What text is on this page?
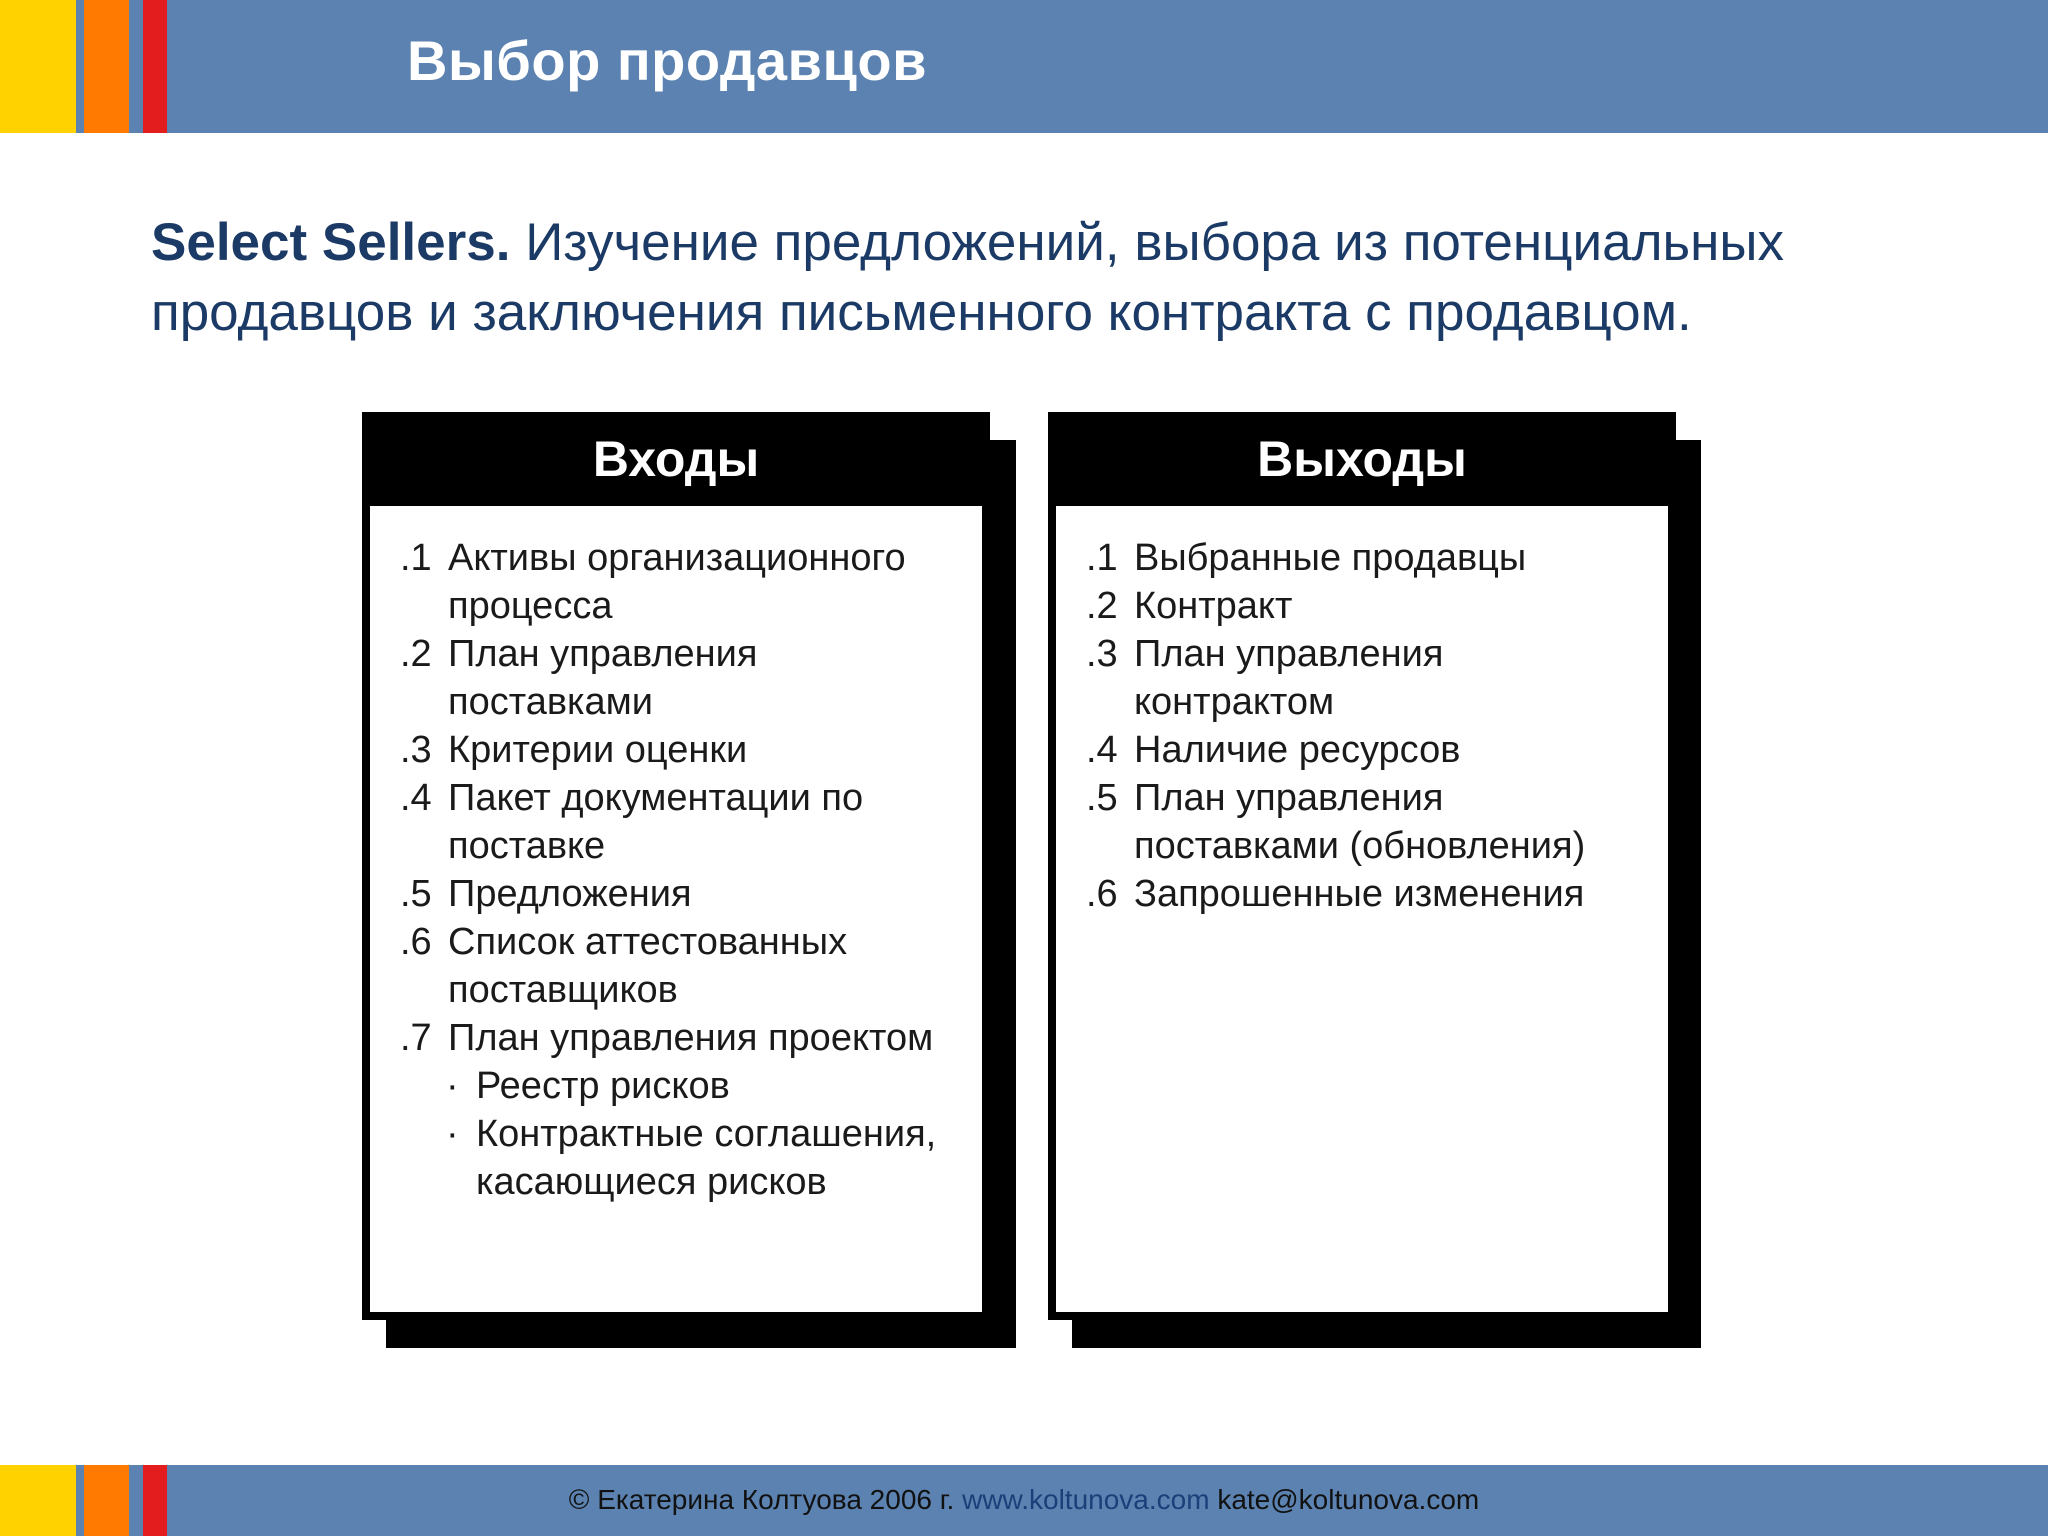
Выбор продавцов

Select Sellers. Изучение предложений, выбора из потенциальных продавцов и заключения письменного контракта с продавцом.

Входы
.1 Активы организационного
процесса
.2 План управления
поставками
.3 Критерии оценки
.4 Пакет документации по
поставке
.5 Предложения
.6 Список аттестованных
поставщиков
.7 План управления проектом
· Реестр рисков
· Контрактные соглашения,
касающиеся рисков
Выходы
.1 Выбранные продавцы
.2 Контракт
.3 План управления
контрактом
.4 Наличие ресурсов
.5 План управления
поставками (обновления)
.6 Запрошенные изменения
© Екатерина Колтуова 2006 г. www.koltunova.com kate@koltunova.com
